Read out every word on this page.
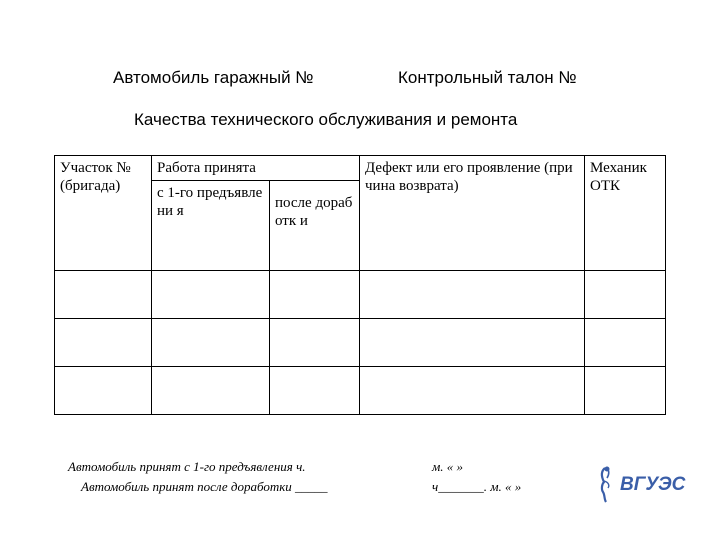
Автомобиль гаражный №	Контрольный талон №
Качества технического обслуживания и ремонта
Участок № (бригада)	Работа принята		Дефект или его проявление (причина возврата)	Механик ОТК

	с 1-го предъявлени я	после доработк и		

Автомобиль принят с 1-го предъявления ч.
Автомобиль принят после доработки _____
м. « »
ч_______. м. « »	ВГУЭС
